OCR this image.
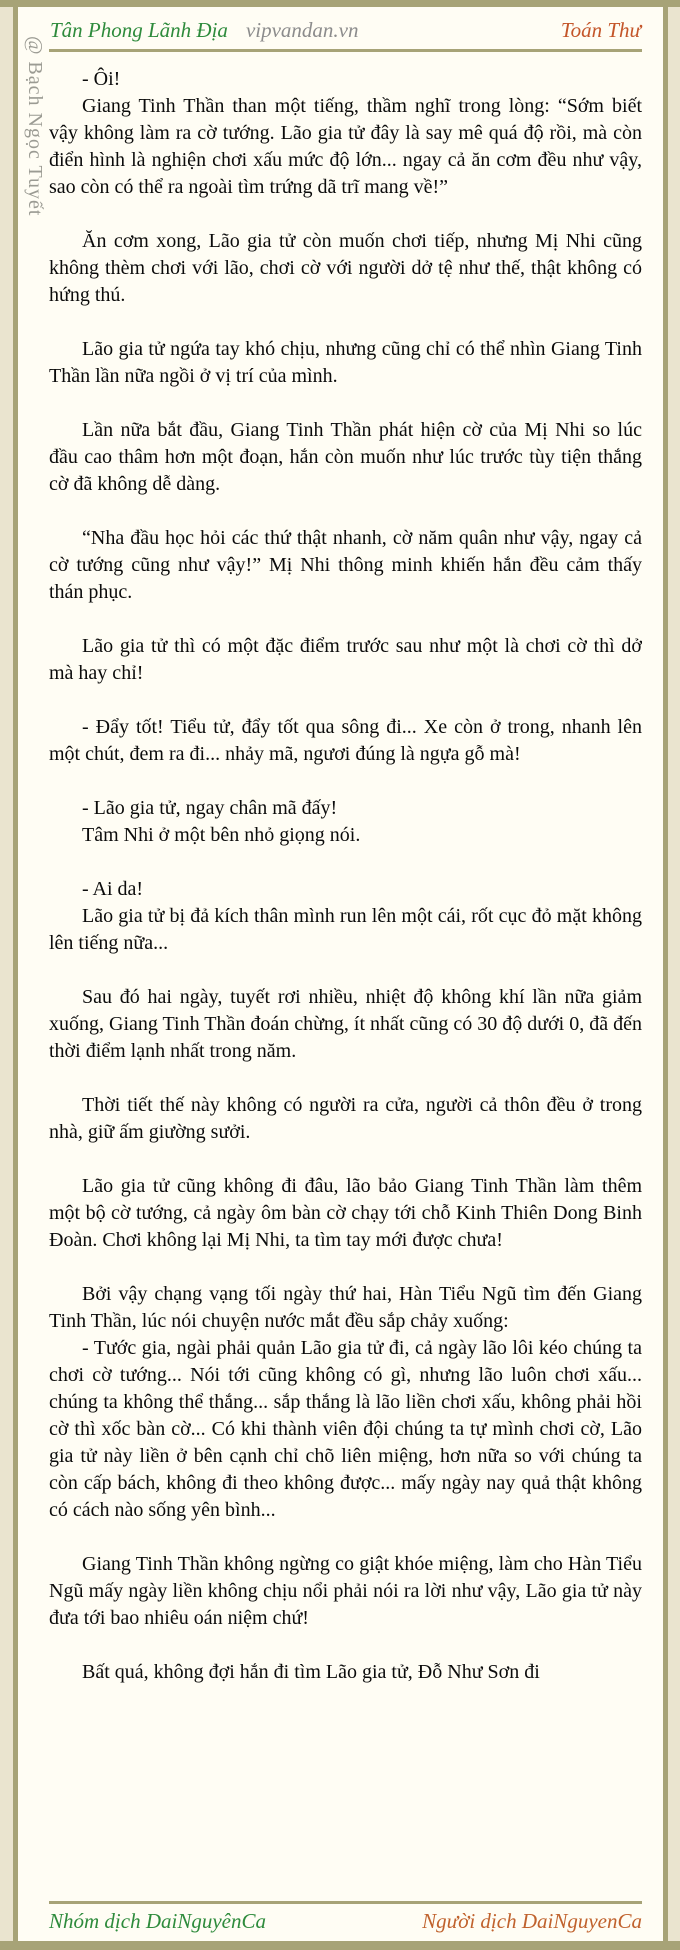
Tân Phong Lãnh Địa vipvandan.vn	Toán Thư

- Ôi!

Giang Tinh Thần than một tiếng, thầm nghĩ trong lòng: “Sớm biết vậy không làm ra cờ tướng. Lão gia tử đây là say mê quá độ rồi, mà còn điển hình là nghiện chơi xấu mức độ lớn... ngay cả ăn cơm đều như vậy, sao còn có thể ra ngoài tìm trứng dã trĩ mang về!”

Ăn cơm xong, Lão gia tử còn muốn chơi tiếp, nhưng Mị Nhi cũng không thèm chơi với lão, chơi cờ với người dở tệ như thế, thật không có hứng thú.

Lão gia tử ngứa tay khó chịu, nhưng cũng chỉ có thể nhìn Giang Tinh Thần lần nữa ngồi ở vị trí của mình.

Lần nữa bắt đầu, Giang Tinh Thần phát hiện cờ của Mị Nhi so lúc đầu cao thâm hơn một đoạn, hắn còn muốn như lúc trước tùy tiện thắng cờ đã không dễ dàng.

“Nha đầu học hỏi các thứ thật nhanh, cờ năm quân như vậy, ngay cả cờ tướng cũng như vậy!” Mị Nhi thông minh khiến hắn đều cảm thấy thán phục.

Lão gia tử thì có một đặc điểm trước sau như một là chơi cờ thì dở mà hay chỉ!

- Đẩy tốt! Tiểu tử, đẩy tốt qua sông đi... Xe còn ở trong, nhanh lên một chút, đem ra đi... nhảy mã, ngươi đúng là ngựa gỗ mà!

- Lão gia tử, ngay chân mã đấy!

Tâm Nhi ở một bên nhỏ giọng nói.

- Ai da!

Lão gia tử bị đả kích thân mình run lên một cái, rốt cục đỏ mặt không lên tiếng nữa...

Sau đó hai ngày, tuyết rơi nhiều, nhiệt độ không khí lần nữa giảm xuống, Giang Tinh Thần đoán chừng, ít nhất cũng có 30 độ dưới 0, đã đến thời điểm lạnh nhất trong năm.

Thời tiết thế này không có người ra cửa, người cả thôn đều ở trong nhà, giữ ấm giường sưởi.

Lão gia tử cũng không đi đâu, lão bảo Giang Tinh Thần làm thêm một bộ cờ tướng, cả ngày ôm bàn cờ chạy tới chỗ Kinh Thiên Dong Binh Đoàn. Chơi không lại Mị Nhi, ta tìm tay mới được chưa!

Bởi vậy chạng vạng tối ngày thứ hai, Hàn Tiểu Ngũ tìm đến Giang Tinh Thần, lúc nói chuyện nước mắt đều sắp chảy xuống:

- Tước gia, ngài phải quản Lão gia tử đi, cả ngày lão lôi kéo chúng ta chơi cờ tướng... Nói tới cũng không có gì, nhưng lão luôn chơi xấu... chúng ta không thể thắng... sắp thắng là lão liền chơi xấu, không phải hồi cờ thì xốc bàn cờ... Có khi thành viên đội chúng ta tự mình chơi cờ, Lão gia tử này liền ở bên cạnh chỉ chõ liên miệng, hơn nữa so với chúng ta còn cấp bách, không đi theo không được... mấy ngày nay quả thật không có cách nào sống yên bình...

Giang Tinh Thần không ngừng co giật khóe miệng, làm cho Hàn Tiểu Ngũ mấy ngày liền không chịu nổi phải nói ra lời như vậy, Lão gia tử này đưa tới bao nhiêu oán niệm chứ!

Bất quá, không đợi hắn đi tìm Lão gia tử, Đỗ Như Sơn đi

Nhóm dịch DaiNguyênCa	Người dịch DaiNguyenCa
@ Bạch Ngọc Tuyết
